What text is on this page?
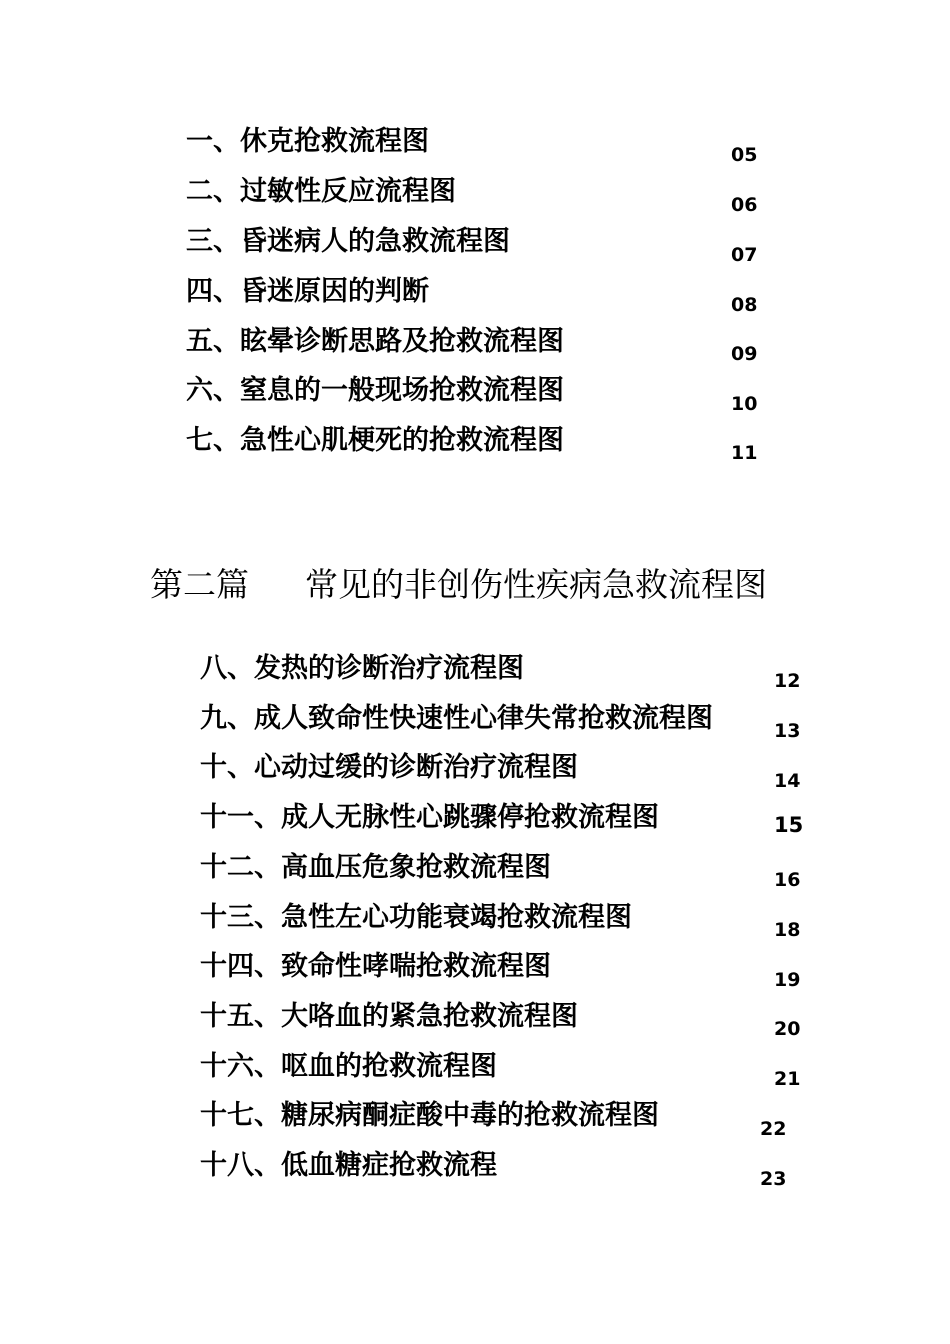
一、休克抢救流程图	05
二、过敏性反应流程图	06
三、昏迷病人的急救流程图	07
四、昏迷原因的判断	08
五、眩晕诊断思路及抢救流程图	09
六、窒息的一般现场抢救流程图	10
七、急性心肌梗死的抢救流程图	11
第二篇 常见的非创伤性疾病急救流程图
八、发热的诊断治疗流程图	12
九、成人致命性快速性心律失常抢救流程图	13
十、心动过缓的诊断治疗流程图	14
十一、成人无脉性心跳骤停抢救流程图	15
十二、高血压危象抢救流程图	16
十三、急性左心功能衰竭抢救流程图	18
十四、致命性哮喘抢救流程图	19
十五、大咯血的紧急抢救流程图	20
十六、呕血的抢救流程图	21
十七、糖尿病酮症酸中毒的抢救流程图	22
十八、低血糖症抢救流程	23
